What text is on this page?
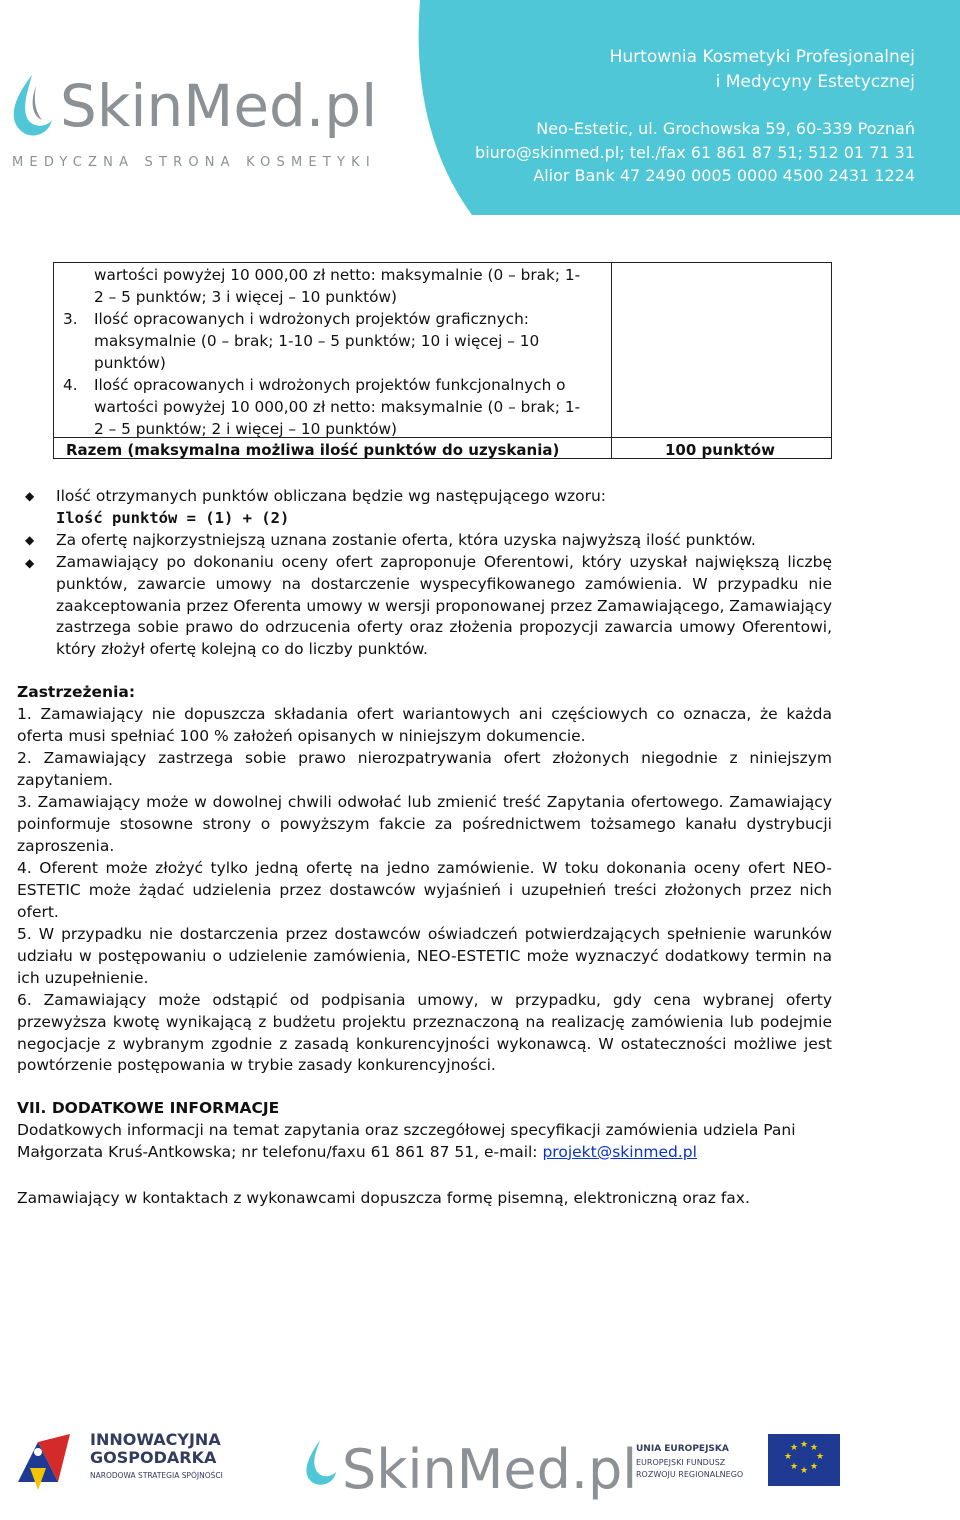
SkinMed.pl
MEDYCZNA STRONA KOSMETYKI
Hurtownia Kosmetyki Profesjonalnej
i Medycyny Estetycznej
Neo-Estetic, ul. Grochowska 59, 60-339 Poznań
biuro@skinmed.pl; tel./fax 61 861 87 51; 512 01 71 31
Alior Bank 47 2490 0005 0000 4500 2431 1224
wartości powyżej 10 000,00 zł netto: maksymalnie (0 – brak; 1-
2 – 5 punktów; 3 i więcej – 10 punktów)
3. Ilość opracowanych i wdrożonych projektów graficznych:
maksymalnie (0 – brak; 1-10 – 5 punktów; 10 i więcej – 10
punktów)
4. Ilość opracowanych i wdrożonych projektów funkcjonalnych o
wartości powyżej 10 000,00 zł netto: maksymalnie (0 – brak; 1-
2 – 5 punktów; 2 i więcej – 10 punktów)
Razem (maksymalna możliwa ilość punktów do uzyskania)	100 punktów
◆ Ilość otrzymanych punktów obliczana będzie wg następującego wzoru:
Ilość punktów = (1) + (2)
◆ Za ofertę najkorzystniejszą uznana zostanie oferta, która uzyska najwyższą ilość punktów.
◆ Zamawiający po dokonaniu oceny ofert zaproponuje Oferentowi, który uzyskał największą liczbę punktów, zawarcie umowy na dostarczenie wyspecyfikowanego zamówienia. W przypadku nie zaakceptowania przez Oferenta umowy w wersji proponowanej przez Zamawiającego, Zamawiający zastrzega sobie prawo do odrzucenia oferty oraz złożenia propozycji zawarcia umowy Oferentowi, który złożył ofertę kolejną co do liczby punktów.
Zastrzeżenia:
1. Zamawiający nie dopuszcza składania ofert wariantowych ani częściowych co oznacza, że każda oferta musi spełniać 100 % założeń opisanych w niniejszym dokumencie.
2. Zamawiający zastrzega sobie prawo nierozpatrywania ofert złożonych niegodnie z niniejszym zapytaniem.
3. Zamawiający może w dowolnej chwili odwołać lub zmienić treść Zapytania ofertowego. Zamawiający poinformuje stosowne strony o powyższym fakcie za pośrednictwem tożsamego kanału dystrybucji zaproszenia.
4. Oferent może złożyć tylko jedną ofertę na jedno zamówienie. W toku dokonania oceny ofert NEO-ESTETIC może żądać udzielenia przez dostawców wyjaśnień i uzupełnień treści złożonych przez nich ofert.
5. W przypadku nie dostarczenia przez dostawców oświadczeń potwierdzających spełnienie warunków udziału w postępowaniu o udzielenie zamówienia, NEO-ESTETIC może wyznaczyć dodatkowy termin na ich uzupełnienie.
6. Zamawiający może odstąpić od podpisania umowy, w przypadku, gdy cena wybranej oferty przewyższa kwotę wynikającą z budżetu projektu przeznaczoną na realizację zamówienia lub podejmie negocjacje z wybranym zgodnie z zasadą konkurencyjności wykonawcą. W ostateczności możliwe jest powtórzenie postępowania w trybie zasady konkurencyjności.
VII. DODATKOWE INFORMACJE
Dodatkowych informacji na temat zapytania oraz szczegółowej specyfikacji zamówienia udziela Pani Małgorzata Kruś-Antkowska; nr telefonu/faxu 61 861 87 51, e-mail: projekt@skinmed.pl
Zamawiający w kontaktach z wykonawcami dopuszcza formę pisemną, elektroniczną oraz fax.
SkinMed.pl	★ ★
★
★
★
★
★
★
INNOWACYJNA
GOSPODARKA
NARODOWA STRATEGIA SPÓJNOŚCI
UNIA EUROPEJSKA
EUROPEJSKI FUNDUSZ
ROZWOJU REGIONALNEGO
